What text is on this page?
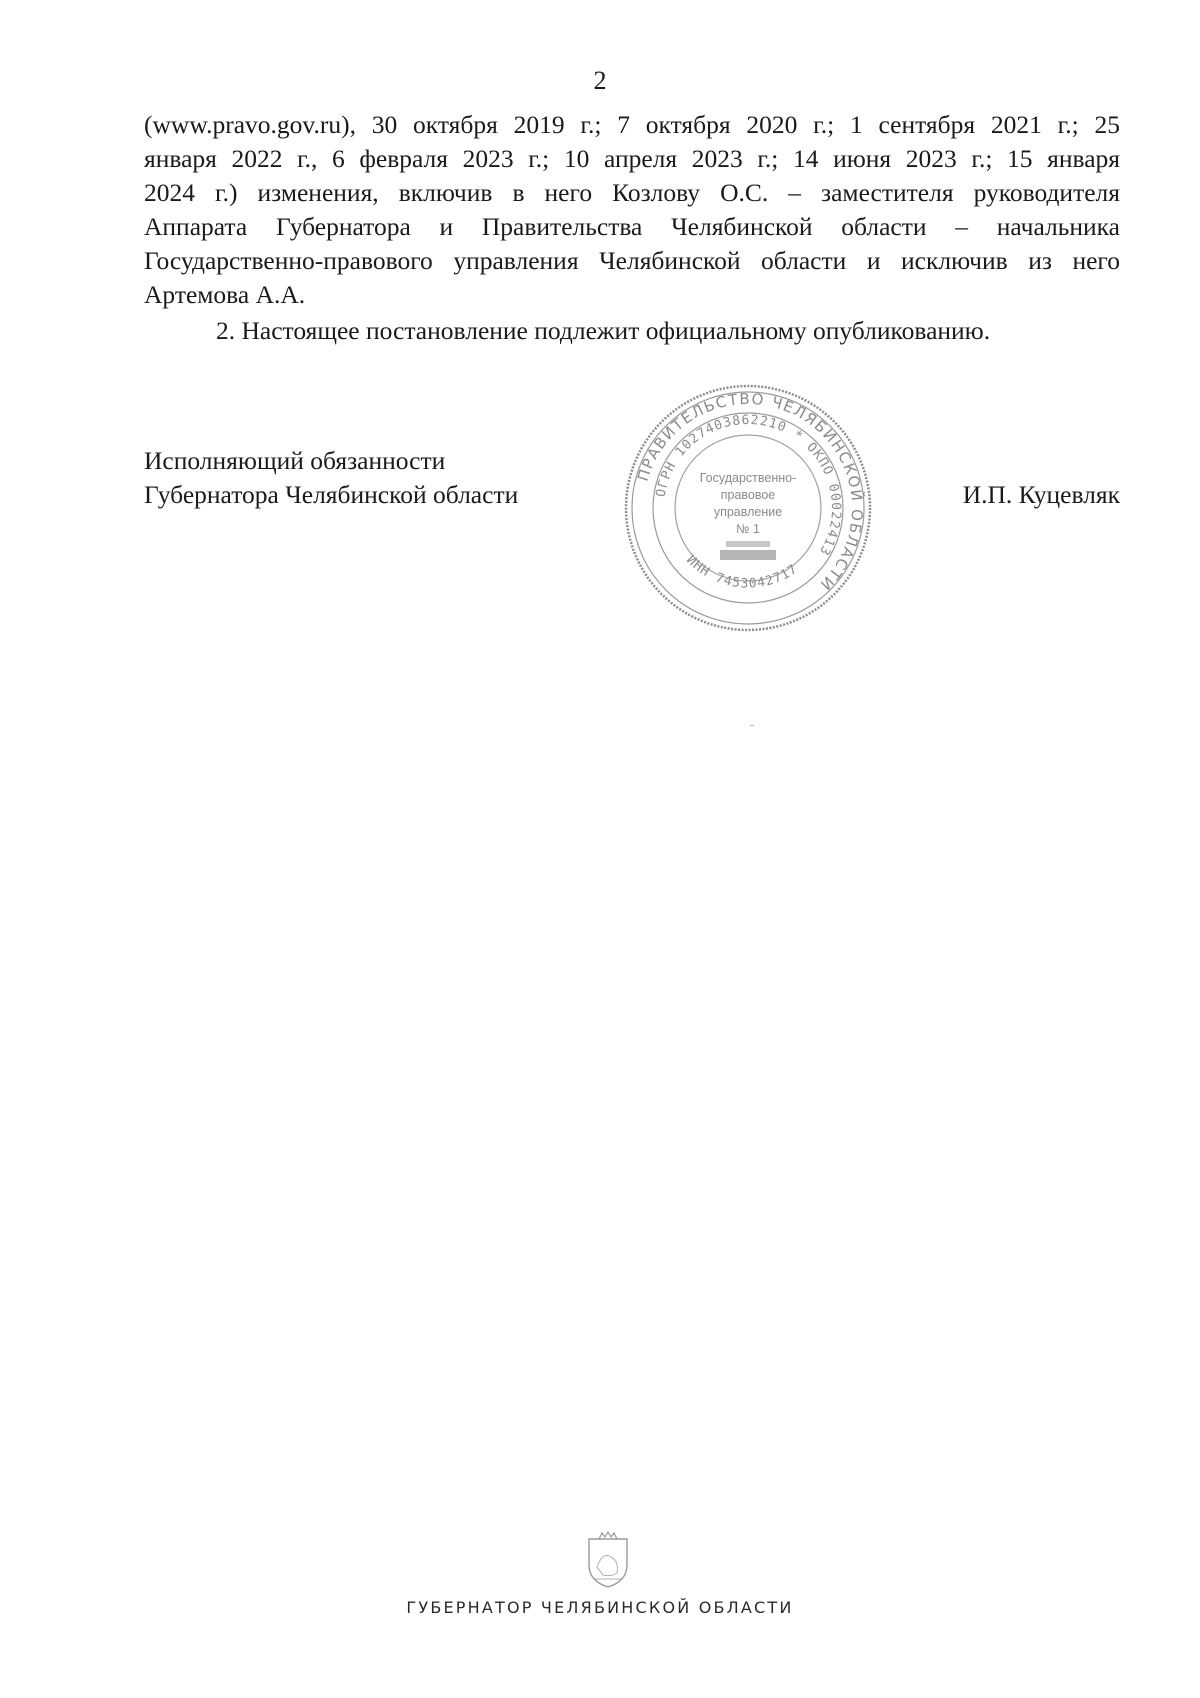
2

(www.pravo.gov.ru), 30 октября 2019 г.; 7 октября 2020 г.; 1 сентября 2021 г.; 25
января 2022 г., 6 февраля 2023 г.; 10 апреля 2023 г.; 14 июня 2023 г.; 15 января
2024 г.) изменения, включив в него Козлову О.С. – заместителя руководителя
Аппарата Губернатора и Правительства Челябинской области – начальника
Государственно-правового управления Челябинской области и исключив из него
Артемова А.А.

2. Настоящее постановление подлежит официальному опубликованию.

Исполняющий обязанности
Губернатора Челябинской области	И.П. Куцевляк
ПРАВИТЕЛЬСТВО ЧЕЛЯБИНСКОЙ ОБЛАСТИ
ОГРН 1027403862210 * ОКПО 00022413
ИНН 7453042717
Государственно-
правовое
управление
№ 1
ГУБЕРНАТОР ЧЕЛЯБИНСКОЙ ОБЛАСТИ
